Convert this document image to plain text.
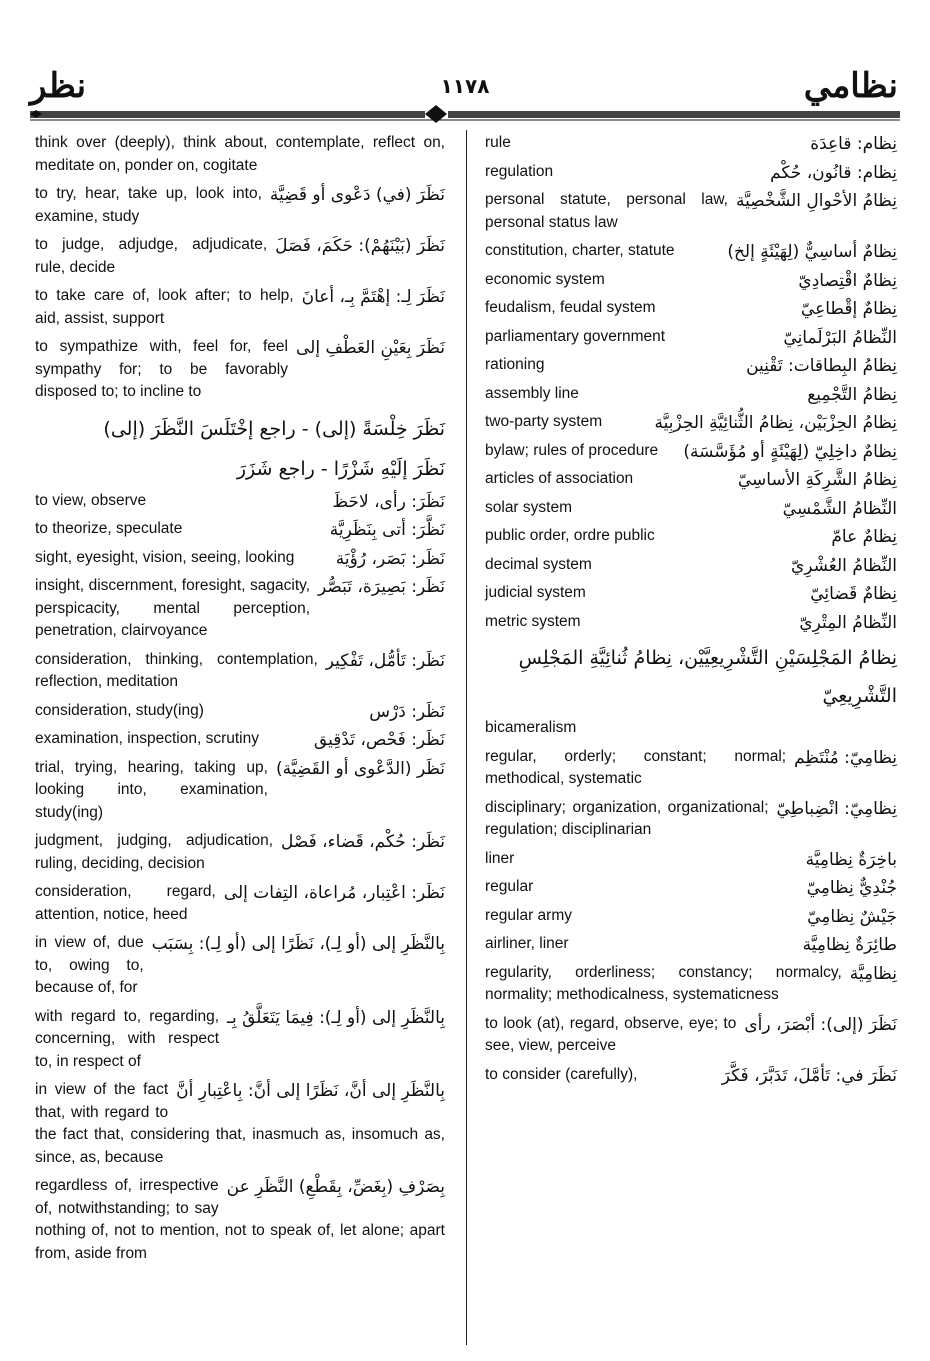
نظر	١١٧٨	نظامي
think over (deeply), think about, contemplate, reflect on, meditate on, ponder on, cogitate
نَظَرَ (في) دَعْوى أو قَضِيَّة
to try, hear, take up, look into, examine, study
نَظَرَ (بَيْنَهُمْ): حَكَمَ، فَصَلَ
to judge, adjudge, adjudicate, rule, decide
نَظَرَ لِـ: إهْتَمَّ بِـ، أعانَ
to take care of, look after; to help, aid, assist, support
نَظَرَ بِعَيْنِ العَطْفِ إلى
to sympathize with, feel for, feel sympathy for; to be favorably disposed to; to incline to
نَظَرَ خِلْسَةً (إلى) - راجع إخْتَلَسَ النَّظَرَ (إلى)
نَظَرَ إلَيْهِ شَزْرًا - راجع شَزَرَ
نَظَرَ: رأى، لاحَظَ
to view, observe
نَظَّرَ: أتى بِنَظَرِيَّة
to theorize, speculate
نَظَر: بَصَر، رُؤْيَة
sight, eyesight, vision, seeing, looking
نَظَر: بَصِيرَة، تَبَصُّر
insight, discernment, foresight, sagacity, perspicacity, mental perception, penetration, clairvoyance
نَظَر: تَأمُّل، تَفْكِير
consideration, thinking, contemplation, reflection, meditation
نَظَر: دَرْس
consideration, study(ing)
نَظَر: فَحْص، تَدْقِيق
examination, inspection, scrutiny
نَظَر (الدَّعْوى أو القَضِيَّة)
trial, trying, hearing, taking up, looking into, examination, study(ing)
نَظَر: حُكْم، قَضاء، فَصْل
judgment, judging, adjudication, ruling, deciding, decision
نَظَر: اعْتِبار، مُراعاة، التِفات إلى
consideration, regard, attention, notice, heed
بِالنَّظَرِ إلى (أو لِـ)، نَظَرًا إلى (أو لِـ): بِسَبَب
in view of, due to, owing to, because of, for
بِالنَّظَرِ إلى (أو لِـ): فِيمَا يَتَعَلَّقُ بِـ
with regard to, regarding, concerning, with respect to, in respect of
بِالنَّظَرِ إلى أنَّ، نَظَرًا إلى أنَّ: بِاعْتِبارِ أنَّ
in view of the fact that, with regard to the fact that, considering that, inasmuch as, insomuch as, since, as, because
بِصَرْفِ (بِغَضِّ، بِقَطْعِ) النَّظَرِ عن
regardless of, irrespective of, notwithstanding; to say nothing of, not to mention, not to speak of, let alone; apart from, aside from
نِظام: قاعِدَة
rule
نِظام: قانُون، حُكْم
regulation
نِظامُ الأحْوالِ الشَّخْصِيَّة
personal statute, personal law, personal status law
نِظامٌ أساسِيٌّ (لِهَيْئَةٍ إلخ)
constitution, charter, statute
نِظامٌ اقْتِصادِيّ
economic system
نِظامٌ إقْطاعِيّ
feudalism, feudal system
النِّظامُ البَرْلَمانِيّ
parliamentary government
نِظامُ البِطاقات: تَقْنِين
rationing
نِظامُ التَّجْمِيع
assembly line
نِظامُ الحِزْبَيْن، نِظامُ الثُّنائِيَّةِ الحِزْبِيَّة
two-party system
نِظامٌ داخِلِيّ (لِهَيْئَةٍ أو مُؤَسَّسَة)
bylaw; rules of procedure
نِظامُ الشَّرِكَةِ الأساسِيّ
articles of association
النِّظامُ الشَّمْسِيّ
solar system
نِظامٌ عامّ
public order, ordre public
النِّظامُ العُشْرِيّ
decimal system
نِظامٌ قَضائِيّ
judicial system
النِّظامُ المِتْرِيّ
metric system
نِظامُ المَجْلِسَيْنِ التَّشْرِيعِيَّيْن، نِظامُ ثُنائِيَّةِ المَجْلِسِ التَّشْرِيعِيّ
bicameralism
نِظامِيّ: مُنْتَظِم
regular, orderly; constant; normal; methodical, systematic
نِظامِيّ: انْضِباطِيّ
disciplinary; organization, organizational; regulation; disciplinarian
باخِرَةٌ نِظامِيَّة
liner
جُنْدِيٌّ نِظامِيّ
regular
جَيْشٌ نِظامِيّ
regular army
طائِرَةٌ نِظامِيَّة
airliner, liner
نِظامِيَّة
regularity, orderliness; constancy; normalcy, normality; methodicalness, systematicness
نَظَرَ (إلى): أبْصَرَ، رأى
to look (at), regard, observe, eye; to see, view, perceive
نَظَرَ في: تَأمَّلَ، تَدَبَّرَ، فَكَّرَ
to consider (carefully),
